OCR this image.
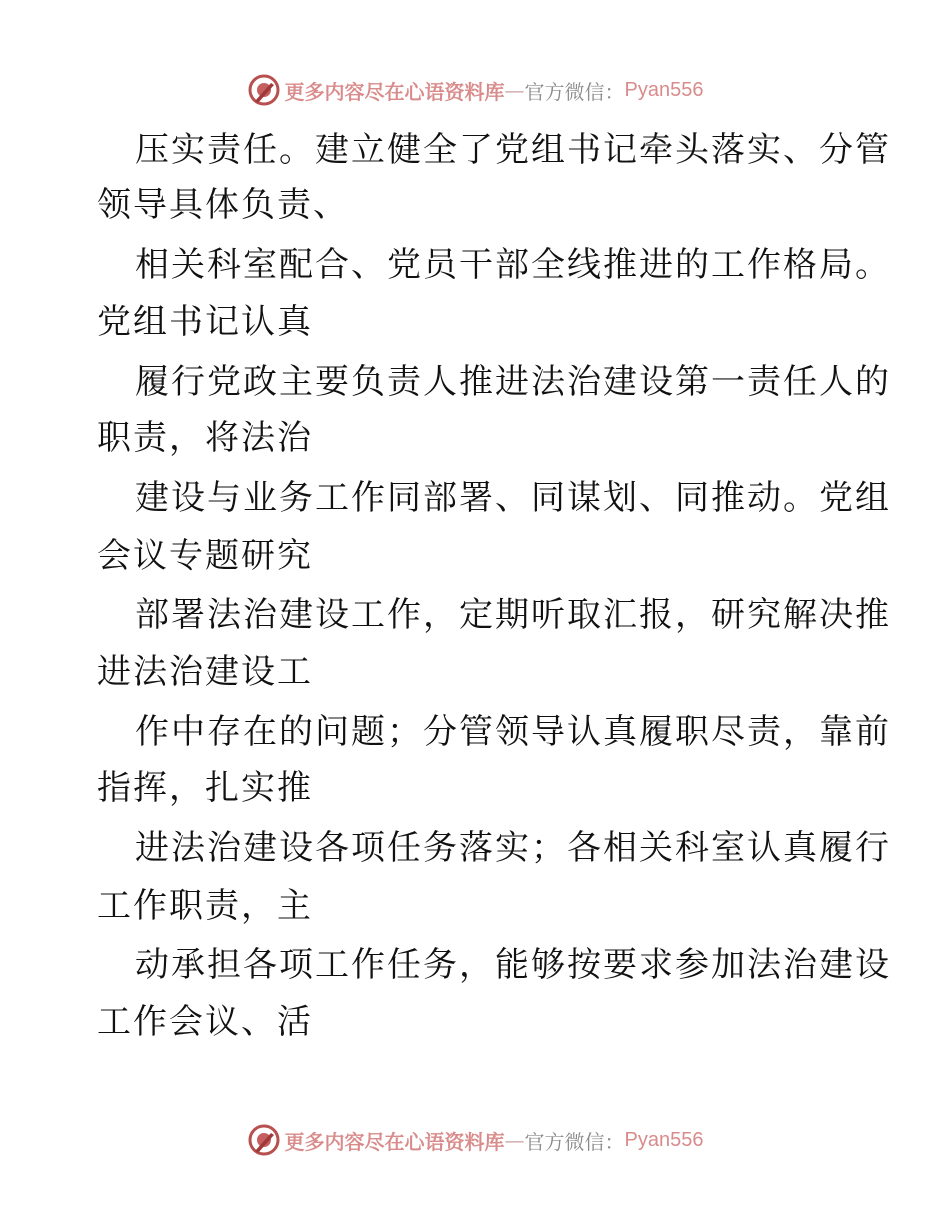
更多内容尽在心语资料库 — 官方微信： Pyan556
压实责任。建立健全了党组书记牵头落实、分管
领导具体负责、
相关科室配合、党员干部全线推进的工作格局。
党组书记认真
履行党政主要负责人推进法治建设第一责任人的
职责，将法治
建设与业务工作同部署、同谋划、同推动。党组
会议专题研究
部署法治建设工作，定期听取汇报，研究解决推
进法治建设工
作中存在的问题；分管领导认真履职尽责，靠前
指挥，扎实推
进法治建设各项任务落实；各相关科室认真履行
工作职责，主
动承担各项工作任务，能够按要求参加法治建设
工作会议、活
更多内容尽在心语资料库 — 官方微信： Pyan556
